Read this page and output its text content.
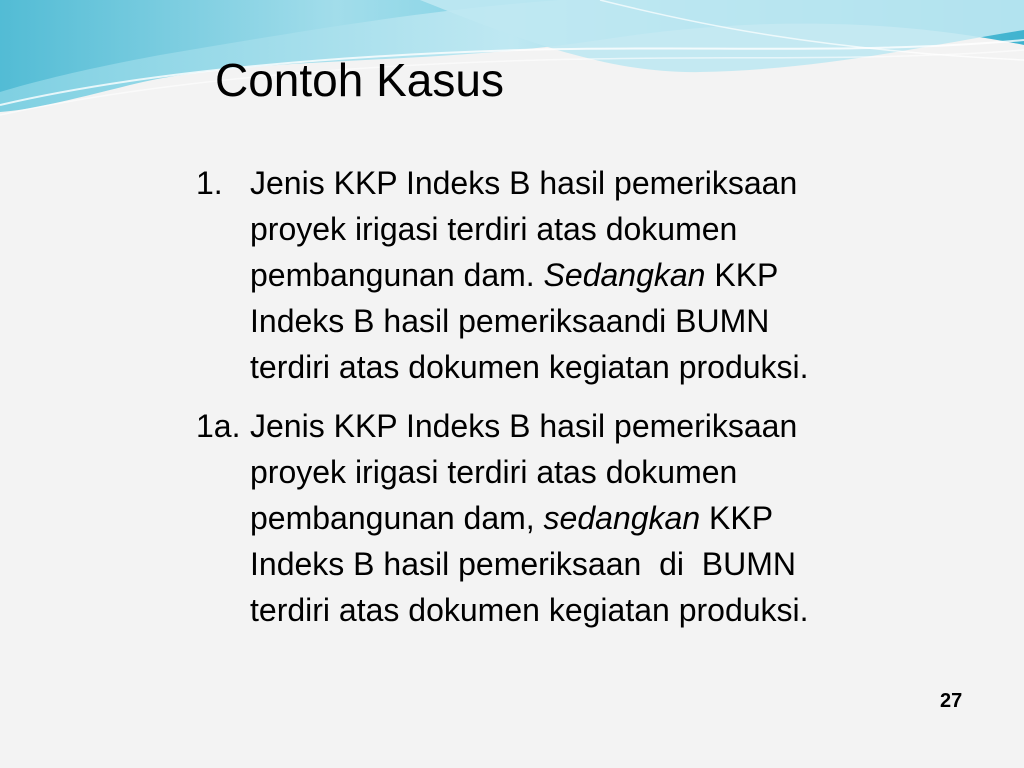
Contoh Kasus
1. Jenis KKP Indeks B hasil pemeriksaan
proyek irigasi terdiri atas dokumen
pembangunan dam. Sedangkan KKP
Indeks B hasil pemeriksaandi BUMN
terdiri atas dokumen kegiatan produksi.
1a. Jenis KKP Indeks B hasil pemeriksaan
proyek irigasi terdiri atas dokumen
pembangunan dam, sedangkan KKP
Indeks B hasil pemeriksaan  di  BUMN
terdiri atas dokumen kegiatan produksi.
27
